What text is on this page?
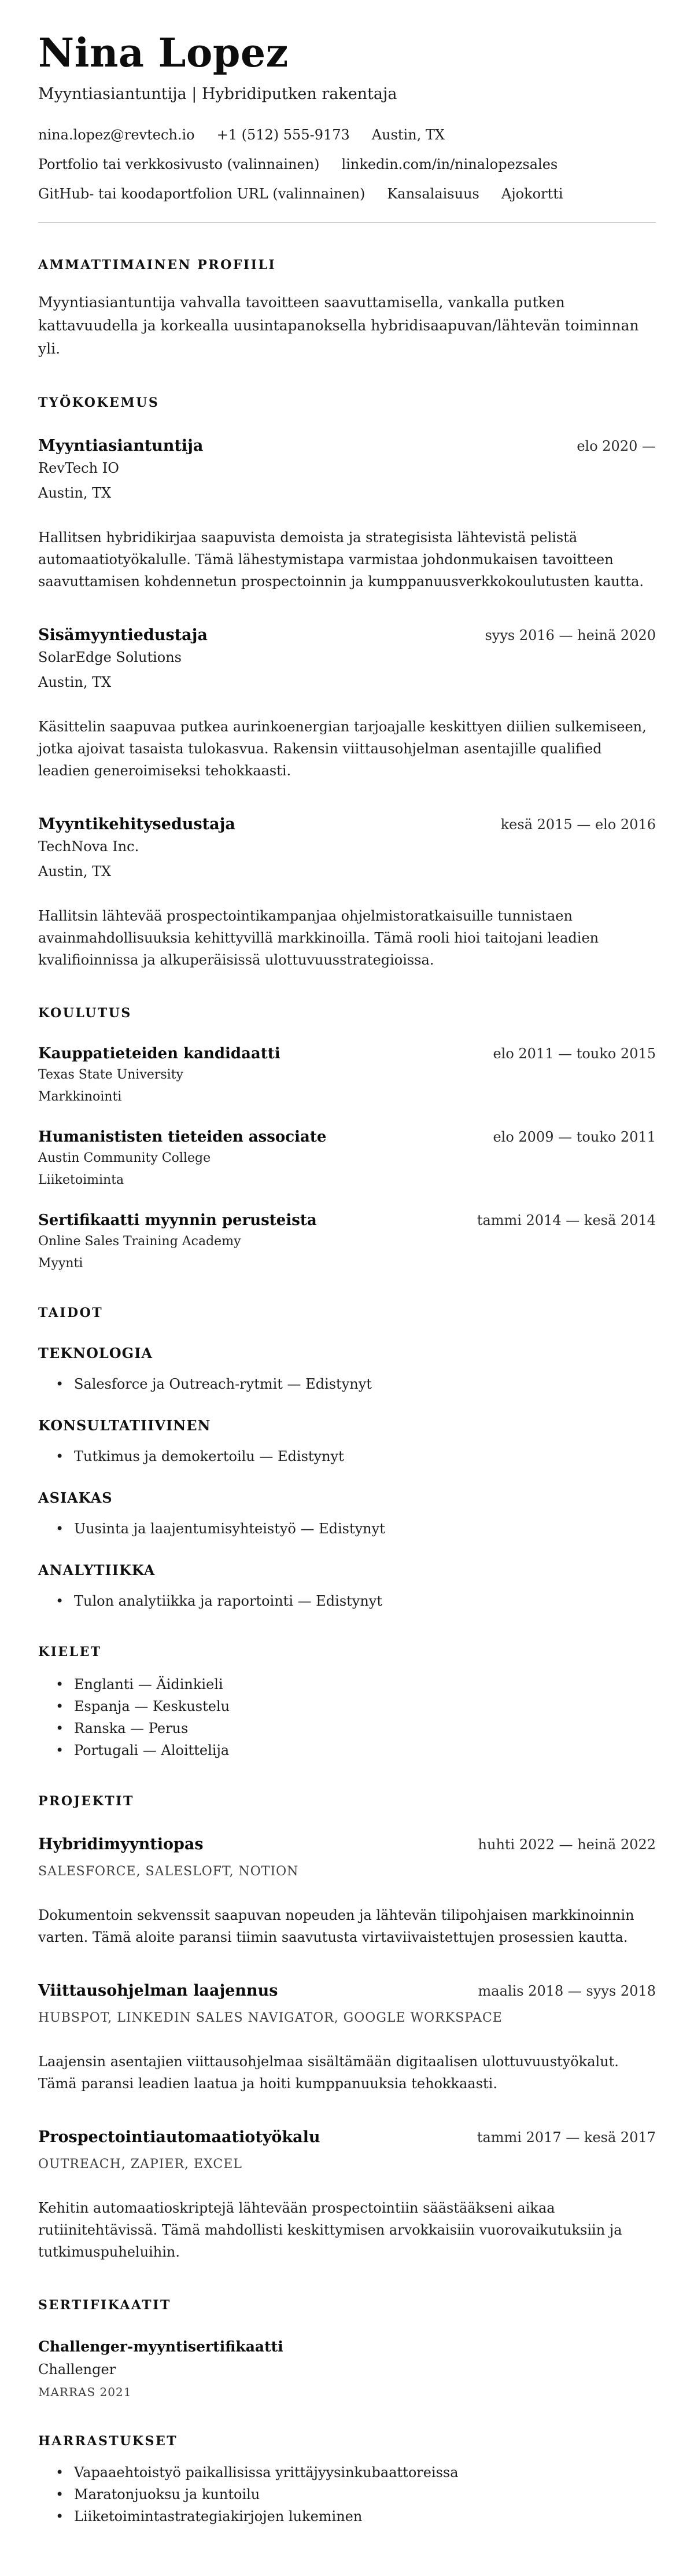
Nina Lopez
Myyntiasiantuntija | Hybridiputken rakentaja
nina.lopez@revtech.io +1 (512) 555-9173 Austin, TX
Portfolio tai verkkosivusto (valinnainen) linkedin.com/in/ninalopezsales
GitHub- tai koodaportfolion URL (valinnainen) Kansalaisuus Ajokortti
AMMATTIMAINEN PROFIILI

Myyntiasiantuntija vahvalla tavoitteen saavuttamisella, vankalla putken kattavuudella ja korkealla uusintapanoksella hybridisaapuvan/lähtevän toiminnan yli.

TYÖKOKEMUS
Myyntiasiantuntija	elo 2020 —
RevTech IO
Austin, TX

Hallitsen hybridikirjaa saapuvista demoista ja strategisista lähtevistä pelistä automaatiotyökalulle. Tämä lähestymistapa varmistaa johdonmukaisen tavoitteen saavuttamisen kohdennetun prospectoinnin ja kumppanuusverkkokoulutusten kautta.

Sisämyyntiedustaja	syys 2016 — heinä 2020
SolarEdge Solutions
Austin, TX

Käsittelin saapuvaa putkea aurinkoenergian tarjoajalle keskittyen diilien sulkemiseen, jotka ajoivat tasaista tulokasvua. Rakensin viittausohjelman asentajille qualified leadien generoimiseksi tehokkaasti.

Myyntikehitysedustaja	kesä 2015 — elo 2016
TechNova Inc.
Austin, TX

Hallitsin lähtevää prospectointikampanjaa ohjelmistoratkaisuille tunnistaen avainmahdollisuuksia kehittyvillä markkinoilla. Tämä rooli hioi taitojani leadien kvalifioinnissa ja alkuperäisissä ulottuvuusstrategioissa.

KOULUTUS
Kauppatieteiden kandidaatti	elo 2011 — touko 2015
Texas State University
Markkinointi
Humanististen tieteiden associate	elo 2009 — touko 2011
Austin Community College
Liiketoiminta
Sertifikaatti myynnin perusteista	tammi 2014 — kesä 2014
Online Sales Training Academy
Myynti
TAIDOT
TEKNOLOGIA
• Salesforce ja Outreach-rytmit — Edistynyt
KONSULTATIIVINEN
• Tutkimus ja demokertoilu — Edistynyt
ASIAKAS
• Uusinta ja laajentumisyhteistyö — Edistynyt
ANALYTIIKKA
• Tulon analytiikka ja raportointi — Edistynyt
KIELET
• Englanti — Äidinkieli
• Espanja — Keskustelu
• Ranska — Perus
• Portugali — Aloittelija
PROJEKTIT
Hybridimyyntiopas	huhti 2022 — heinä 2022
SALESFORCE, SALESLOFT, NOTION

Dokumentoin sekvenssit saapuvan nopeuden ja lähtevän tilipohjaisen markkinoinnin varten. Tämä aloite paransi tiimin saavutusta virtaviivaistettujen prosessien kautta.

Viittausohjelman laajennus	maalis 2018 — syys 2018
HUBSPOT, LINKEDIN SALES NAVIGATOR, GOOGLE WORKSPACE

Laajensin asentajien viittausohjelmaa sisältämään digitaalisen ulottuvuustyökalut. Tämä paransi leadien laatua ja hoiti kumppanuuksia tehokkaasti.

Prospectointiautomaatiotyökalu	tammi 2017 — kesä 2017
OUTREACH, ZAPIER, EXCEL

Kehitin automaatioskriptejä lähtevään prospectointiin säästääkseni aikaa rutiinitehtävissä. Tämä mahdollisti keskittymisen arvokkaisiin vuorovaikutuksiin ja tutkimuspuheluihin.

SERTIFIKAATIT
Challenger-myyntisertifikaatti
Challenger
MARRAS 2021
HARRASTUKSET
• Vapaaehtoistyö paikallisissa yrittäjyysinkubaattoreissa
• Maratonjuoksu ja kuntoilu
• Liiketoimintastrategiakirjojen lukeminen
